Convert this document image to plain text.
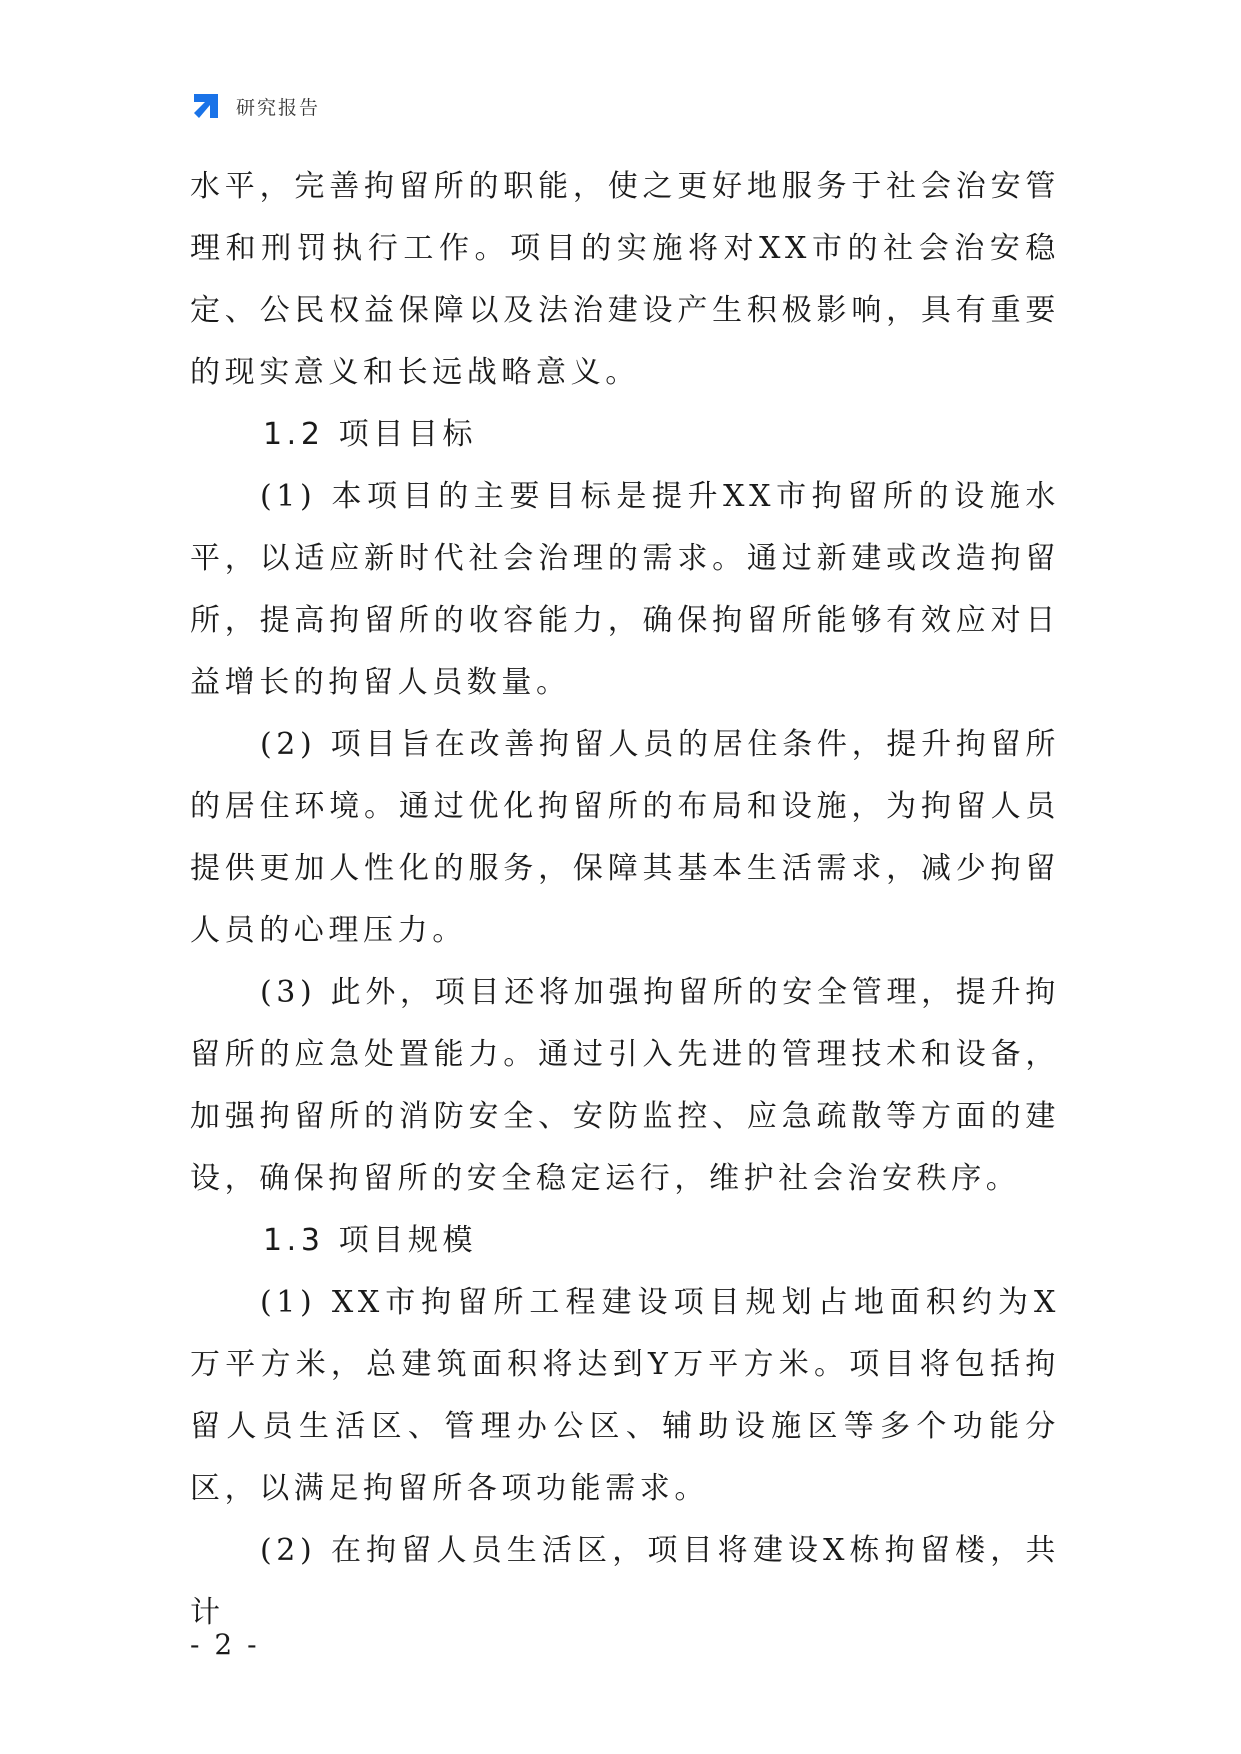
研究报告

水平，完善拘留所的职能，使之更好地服务于社会治安管理和刑罚执行工作。项目的实施将对XX市的社会治安稳定、公民权益保障以及法治建设产生积极影响，具有重要的现实意义和长远战略意义。

1.2 项目目标

(1) 本项目的主要目标是提升XX市拘留所的设施水平，以适应新时代社会治理的需求。通过新建或改造拘留所，提高拘留所的收容能力，确保拘留所能够有效应对日益增长的拘留人员数量。

(2) 项目旨在改善拘留人员的居住条件，提升拘留所的居住环境。通过优化拘留所的布局和设施，为拘留人员提供更加人性化的服务，保障其基本生活需求，减少拘留人员的心理压力。

(3) 此外，项目还将加强拘留所的安全管理，提升拘留所的应急处置能力。通过引入先进的管理技术和设备，加强拘留所的消防安全、安防监控、应急疏散等方面的建设，确保拘留所的安全稳定运行，维护社会治安秩序。

1.3 项目规模

(1) XX市拘留所工程建设项目规划占地面积约为X万平方米，总建筑面积将达到Y万平方米。项目将包括拘留人员生活区、管理办公区、辅助设施区等多个功能分区，以满足拘留所各项功能需求。

(2) 在拘留人员生活区，项目将建设X栋拘留楼，共计

- 2 -
